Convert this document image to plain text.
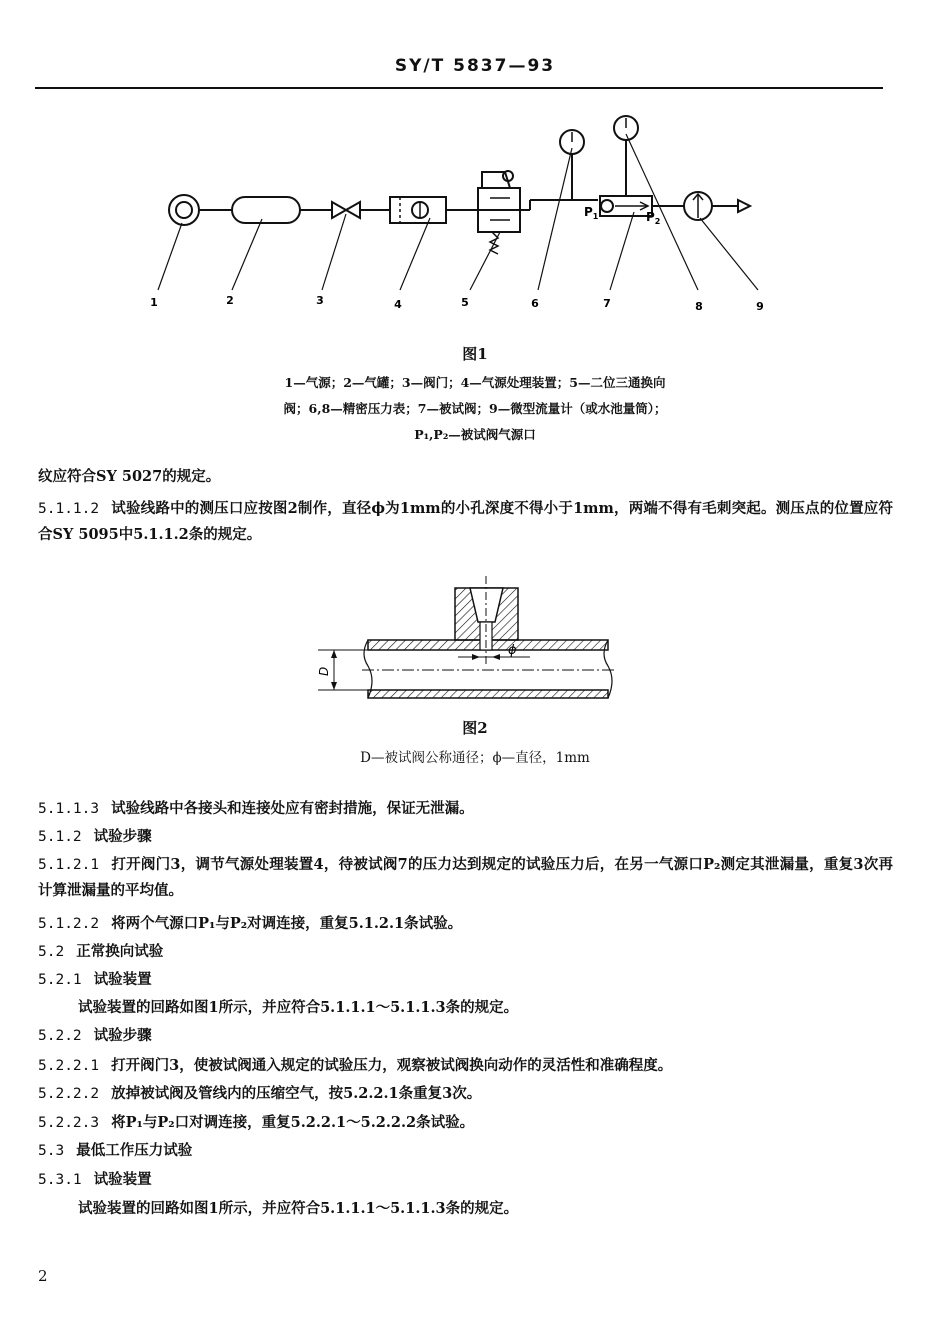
SY/T 5837—93
$P_1$	$P_2$
1	2	3	4	5	6	7	8	9
图1
1—气源；2—气罐；3—阀门；4—气源处理装置；5—二位三通换向
阀；6,8—精密压力表；7—被试阀；9—微型流量计（或水池量筒）；
P₁,P₂—被试阀气源口
纹应符合SY 5027的规定。
5.1.1.2 试验线路中的测压口应按图2制作，直径ϕ为1mm的小孔深度不得小于1mm，两端不得有毛刺突起。测压点的位置应符合SY 5095中5.1.1.2条的规定。
D
ϕ
图2
D—被试阀公称通径；ϕ—直径，1mm
5.1.1.3 试验线路中各接头和连接处应有密封措施，保证无泄漏。
5.1.2 试验步骤
5.1.2.1 打开阀门3，调节气源处理装置4，待被试阀7的压力达到规定的试验压力后，在另一气源口P₂测定其泄漏量，重复3次再计算泄漏量的平均值。
5.1.2.2 将两个气源口P₁与P₂对调连接，重复5.1.2.1条试验。
5.2 正常换向试验
5.2.1 试验装置
试验装置的回路如图1所示，并应符合5.1.1.1～5.1.1.3条的规定。
5.2.2 试验步骤
5.2.2.1 打开阀门3，使被试阀通入规定的试验压力，观察被试阀换向动作的灵活性和准确程度。
5.2.2.2 放掉被试阀及管线内的压缩空气，按5.2.2.1条重复3次。
5.2.2.3 将P₁与P₂口对调连接，重复5.2.2.1～5.2.2.2条试验。
5.3 最低工作压力试验
5.3.1 试验装置
试验装置的回路如图1所示，并应符合5.1.1.1～5.1.1.3条的规定。
2
